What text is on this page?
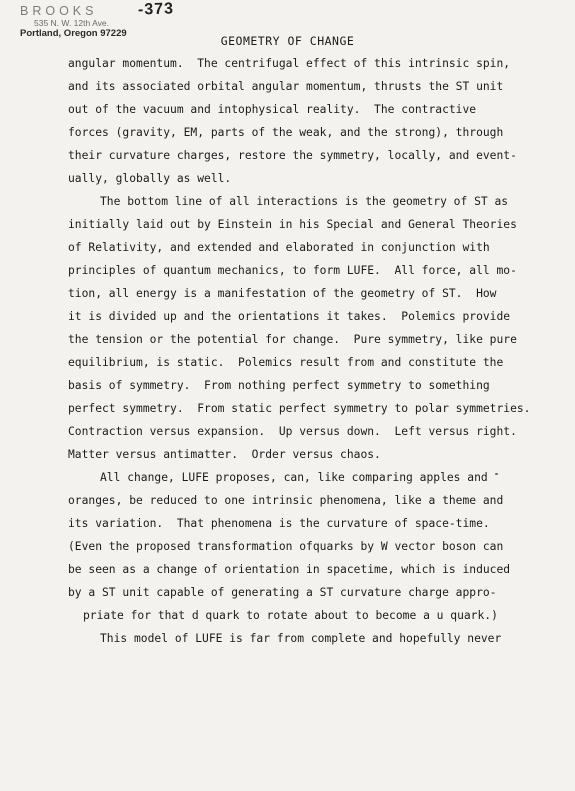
BROOKS
535 N. W. 12th Ave.
Portland, Oregon 97229
-373
GEOMETRY OF CHANGE

angular momentum.  The centrifugal effect of this intrinsic spin,

and its associated orbital angular momentum, thrusts the ST unit

out of the vacuum and intophysical reality.  The contractive

forces (gravity, EM, parts of the weak, and the strong), through

their curvature charges, restore the symmetry, locally, and event-

ually, globally as well.

The bottom line of all interactions is the geometry of ST as

initially laid out by Einstein in his Special and General Theories

of Relativity, and extended and elaborated in conjunction with

principles of quantum mechanics, to form LUFE.  All force, all mo-

tion, all energy is a manifestation of the geometry of ST.  How

it is divided up and the orientations it takes.  Polemics provide

the tension or the potential for change.  Pure symmetry, like pure

equilibrium, is static.  Polemics result from and constitute the

basis of symmetry.  From nothing perfect symmetry to something

perfect symmetry.  From static perfect symmetry to polar symmetries.

Contraction versus expansion.  Up versus down.  Left versus right.

Matter versus antimatter.  Order versus chaos.

All change, LUFE proposes, can, like comparing apples and

oranges, be reduced to one intrinsic phenomena, like a theme and

its variation.  That phenomena is the curvature of space-time.

(Even the proposed transformation ofquarks by W vector boson can

be seen as a change of orientation in spacetime, which is induced

by a ST unit capable of generating a ST curvature charge appro-

priate for that d quark to rotate about to become a u quark.)

This model of LUFE is far from complete and hopefully never
